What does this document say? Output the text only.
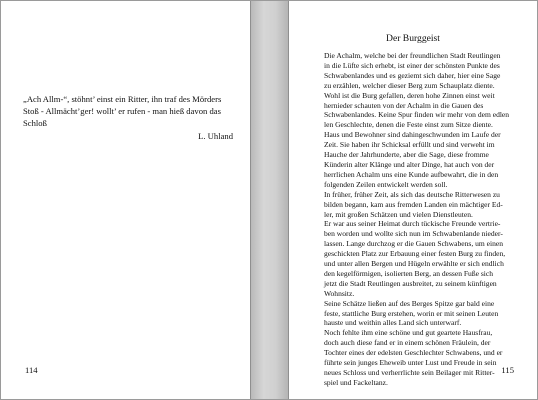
„Ach Allm-“, stöhnt’ einst ein Ritter, ihn traf des Mörders
Stoß - Allmächt’ger! wollt’ er rufen - man hieß davon das
Schloß
L. Uhland
114
Der Burggeist
Die Achalm, welche bei der freundlichen Stadt Reutlingen
in die Lüfte sich erhebt, ist einer der schönsten Punkte des
Schwabenlandes und es geziemt sich daher, hier eine Sage
zu erzählen, welcher dieser Berg zum Schauplatz diente.
Wohl ist die Burg gefallen, deren hohe Zinnen einst weit
hernieder schauten von der Achalm in die Gauen des
Schwabenlandes. Keine Spur finden wir mehr von dem edlen
len Geschlechte, denen die Feste einst zum Sitze diente.
Haus und Bewohner sind dahingeschwunden im Laufe der
Zeit. Sie haben ihr Schicksal erfüllt und sind verweht im
Hauche der Jahrhunderte, aber die Sage, diese fromme
Künderin alter Klänge und alter Dinge, hat auch von der
herrlichen Achalm uns eine Kunde aufbewahrt, die in den
folgenden Zeilen entwickelt werden soll.
In früher, früher Zeit, als sich das deutsche Ritterwesen zu
bilden begann, kam aus fremden Landen ein mächtiger Ed-
ler, mit großen Schätzen und vielen Dienstleuten.
Er war aus seiner Heimat durch tückische Freunde vertrie-
ben worden und wollte sich nun im Schwabenlande nieder-
lassen. Lange durchzog er die Gauen Schwabens, um einen
geschickten Platz zur Erbauung einer festen Burg zu finden,
und unter allen Bergen und Hügeln erwählte er sich endlich
den kegelförmigen, isolierten Berg, an dessen Fuße sich
jetzt die Stadt Reutlingen ausbreitet, zu seinem künftigen
Wohnsitz.
Seine Schätze ließen auf des Berges Spitze gar bald eine
feste, stattliche Burg erstehen, worin er mit seinen Leuten
hauste und weithin alles Land sich unterwarf.
Noch fehlte ihm eine schöne und gut geartete Hausfrau,
doch auch diese fand er in einem schönen Fräulein, der
Tochter eines der edelsten Geschlechter Schwabens, und er
führte sein junges Eheweib unter Lust und Freude in sein
neues Schloss und verherrlichte sein Beilager mit Ritter-
spiel und Fackeltanz.
115
